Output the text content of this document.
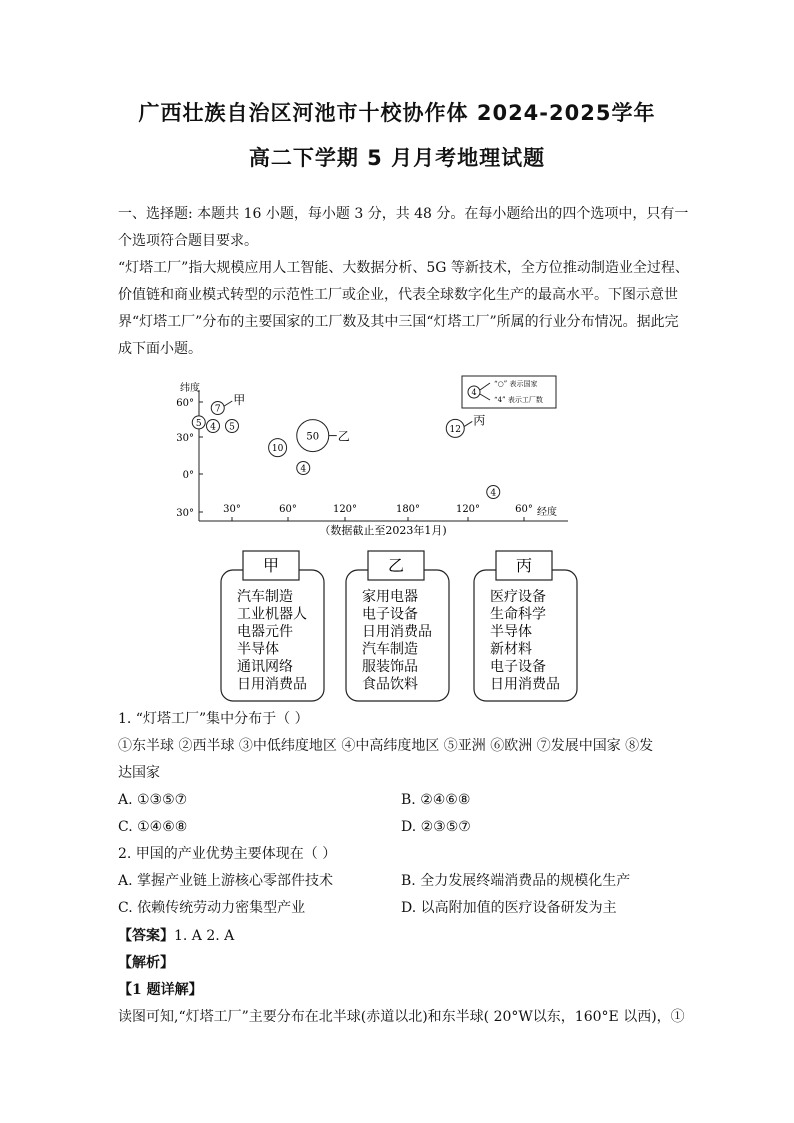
广西壮族自治区河池市十校协作体 2024-2025学年
高二下学期 5 月月考地理试题
一、选择题: 本题共 16 小题，每小题 3 分，共 48 分。在每小题给出的四个选项中，只有一
个选项符合题目要求。
“灯塔工厂”指大规模应用人工智能、大数据分析、5G 等新技术，全方位推动制造业全过程、
价值链和商业模式转型的示范性工厂或企业，代表全球数字化生产的最高水平。下图示意世
界“灯塔工厂”分布的主要国家的工厂数及其中三国“灯塔工厂”所属的行业分布情况。据此完
成下面小题。
纬度
经度
60°
30°
0°
30°	30°	60°	120°	180°	120°	60°
（数据截止至2023年1月)
4
“○” 表示国家
“4” 表示工厂数
7
甲
5 4 5
10
50 乙
4
12
丙
4
甲
汽车制造
工业机器人
电器元件
半导体
通讯网络
日用消费品
乙
家用电器
电子设备
日用消费品
汽车制造
服装饰品
食品饮料
丙
医疗设备
生命科学
半导体
新材料
电子设备
日用消费品
1. “灯塔工厂”集中分布于（ ）
①东半球 ②西半球 ③中低纬度地区 ④中高纬度地区 ⑤亚洲 ⑥欧洲 ⑦发展中国家 ⑧发
达国家
A. ①③⑤⑦	B. ②④⑥⑧
C. ①④⑥⑧	D. ②③⑤⑦
2. 甲国的产业优势主要体现在（ ）
A. 掌握产业链上游核心零部件技术	B. 全力发展终端消费品的规模化生产
C. 依赖传统劳动力密集型产业	D. 以高附加值的医疗设备研发为主
【答案】1. A 2. A
【解析】
【1 题详解】
读图可知,“灯塔工厂”主要分布在北半球(赤道以北)和东半球( 20°W以东，160°E 以西)，①
